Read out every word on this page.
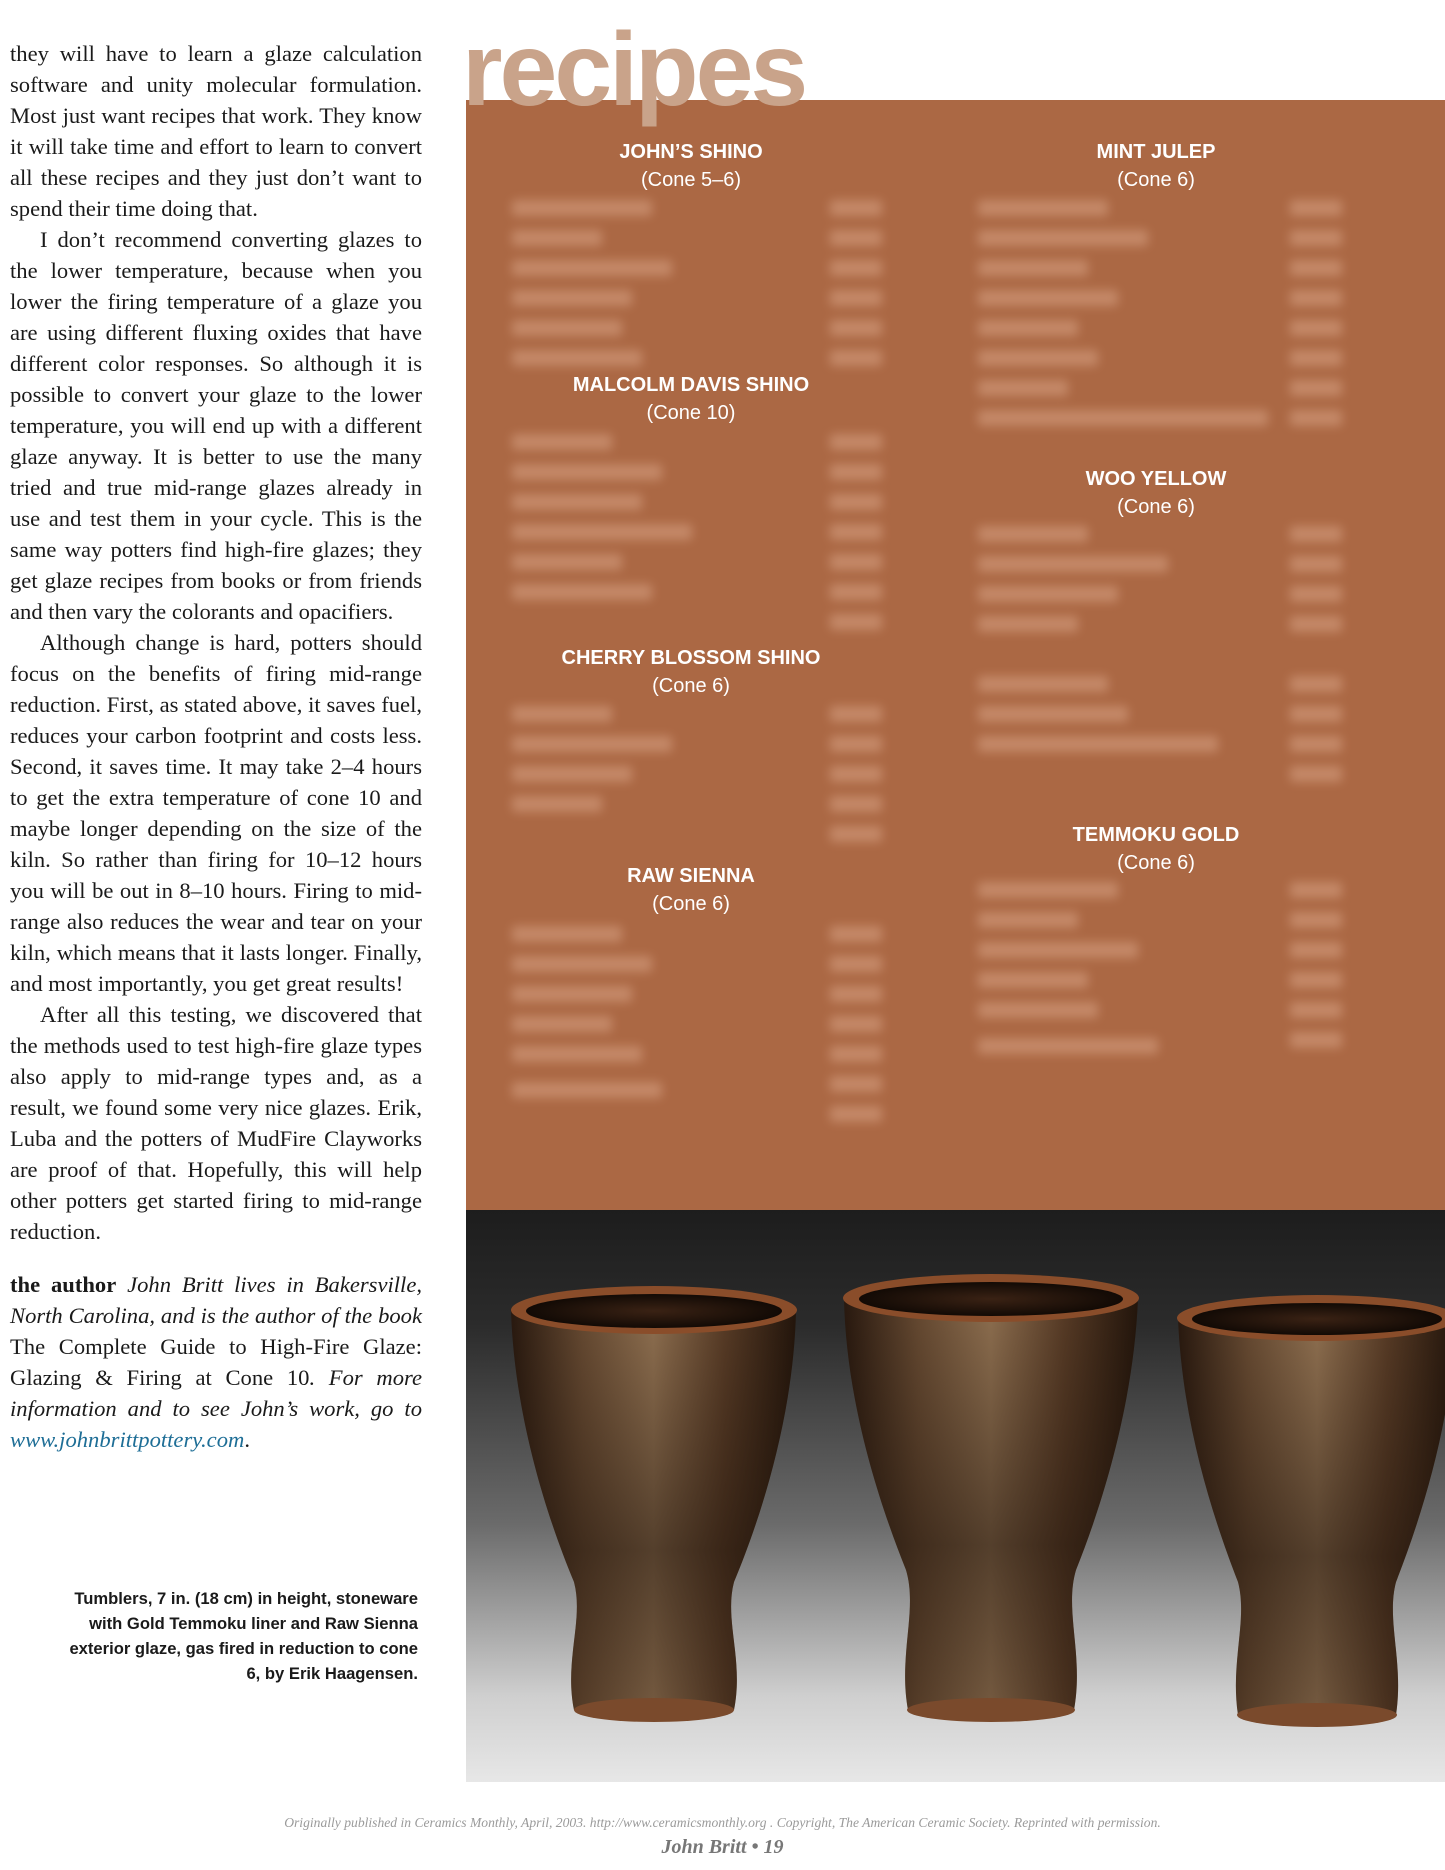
they will have to learn a glaze calculation software and unity molecular formulation. Most just want recipes that work. They know it will take time and effort to learn to convert all these recipes and they just don’t want to spend their time doing that.

I don’t recommend converting glazes to the lower temperature, because when you lower the firing temperature of a glaze you are using different fluxing oxides that have different color responses. So although it is possible to convert your glaze to the lower temperature, you will end up with a different glaze anyway. It is better to use the many tried and true mid-range glazes already in use and test them in your cycle. This is the same way potters find high-fire glazes; they get glaze recipes from books or from friends and then vary the colorants and opacifiers.

Although change is hard, potters should focus on the benefits of firing mid-range reduction. First, as stated above, it saves fuel, reduces your carbon footprint and costs less. Second, it saves time. It may take 2–4 hours to get the extra temperature of cone 10 and maybe longer depending on the size of the kiln. So rather than firing for 10–12 hours you will be out in 8–10 hours. Firing to mid-range also reduces the wear and tear on your kiln, which means that it lasts longer. Finally, and most importantly, you get great results!

After all this testing, we discovered that the methods used to test high-fire glaze types also apply to mid-range types and, as a result, we found some very nice glazes. Erik, Luba and the potters of MudFire Clayworks are proof of that. Hopefully, this will help other potters get started firing to mid-range reduction.

the author John Britt lives in Bakersville, North Carolina, and is the author of the book The Complete Guide to High-Fire Glaze: Glazing & Firing at Cone 10. For more information and to see John’s work, go to www.johnbrittpottery.com.

Tumblers, 7 in. (18 cm) in height, stoneware with Gold Temmoku liner and Raw Sienna exterior glaze, gas fired in reduction to cone 6, by Erik Haagensen.

recipes
JOHN’S SHINO
(Cone 5–6)
MALCOLM DAVIS SHINO
(Cone 10)
CHERRY BLOSSOM SHINO
(Cone 6)
RAW SIENNA
(Cone 6)
MINT JULEP
(Cone 6)
WOO YELLOW
(Cone 6)
TEMMOKU GOLD
(Cone 6)
Originally published in Ceramics Monthly, April, 2003. http://www.ceramicsmonthly.org . Copyright, The American Ceramic Society. Reprinted with permission.
John Britt • 19
